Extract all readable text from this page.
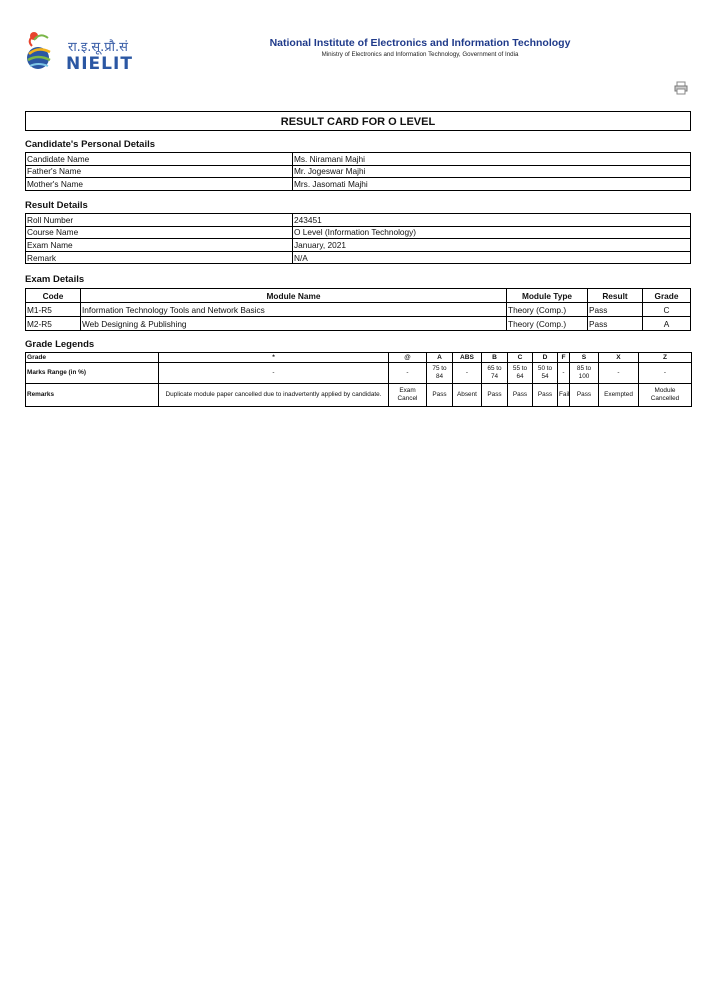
रा.इ.सू.प्रौ.सं
NIELIT
National Institute of Electronics and Information Technology
Ministry of Electronics and Information Technology, Government of India
RESULT CARD FOR O LEVEL
Candidate's Personal Details
Candidate Name	Ms. Niramani Majhi
Father's Name	Mr. Jogeswar Majhi
Mother's Name	Mrs. Jasomati Majhi
Result Details
Roll Number	243451
Course Name	O Level (Information Technology)
Exam Name	January, 2021
Remark	N/A
Exam Details
Code	Module Name	Module Type	Result	Grade
M1-R5	Information Technology Tools and Network Basics	Theory (Comp.)	Pass	C
M2-R5	Web Designing & Publishing	Theory (Comp.)	Pass	A
Grade Legends
Grade	*	@	A	ABS	B	C	D	F	S	X	Z
Marks Range (in %)	-	-	75 to 84	-	65 to 74	55 to 64	50 to 54	-	85 to 100	-	-
Remarks	Duplicate module paper cancelled due to inadvertently applied by candidate.	Exam Cancel	Pass	Absent	Pass	Pass	Pass	Fail	Pass	Exempted	Module Cancelled
